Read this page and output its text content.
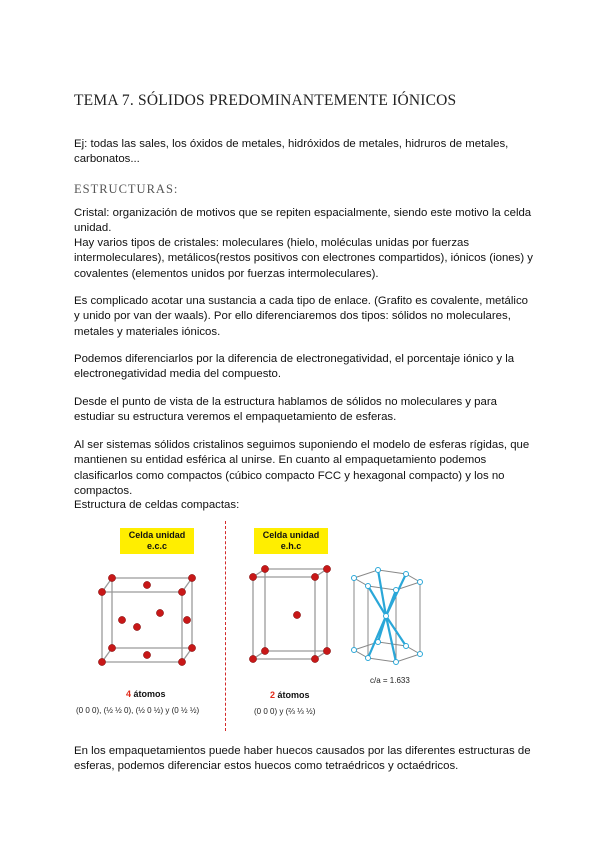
TEMA 7. SÓLIDOS PREDOMINANTEMENTE IÓNICOS

Ej: todas las sales, los óxidos de metales, hidróxidos de metales, hidruros de metales, carbonatos...

ESTRUCTURAS:

Cristal: organización de motivos que se repiten espacialmente, siendo este motivo la celda unidad.

Hay varios tipos de cristales: moleculares (hielo, moléculas unidas por fuerzas intermoleculares), metálicos(restos positivos con electrones compartidos), iónicos (iones) y covalentes (elementos unidos por fuerzas intermoleculares).

Es complicado acotar una sustancia a cada tipo de enlace. (Grafito es covalente, metálico y unido por van der waals). Por ello diferenciaremos dos tipos: sólidos no moleculares, metales y materiales iónicos.

Podemos diferenciarlos por la diferencia de electronegatividad, el porcentaje iónico y la electronegatividad media del compuesto.

Desde el punto de vista de la estructura hablamos de sólidos no moleculares y para estudiar su estructura veremos el empaquetamiento de esferas.

Al ser sistemas sólidos cristalinos seguimos suponiendo el modelo de esferas rígidas, que mantienen su entidad esférica al unirse. En cuanto al empaquetamiento podemos clasificarlos como compactos (cúbico compacto FCC y hexagonal compacto) y los no compactos.

Estructura de celdas compactas:

Celda unidad
e.c.c
4 átomos
(0 0 0), (½ ½ 0), (½ 0 ½) y (0 ½ ½)
Celda unidad
e.h.c
c/a = 1.633
2 átomos
(0 0 0) y (⅔ ⅓ ½)

En los empaquetamientos puede haber huecos causados por las diferentes estructuras de esferas, podemos diferenciar estos huecos como tetraédricos y octaédricos.
